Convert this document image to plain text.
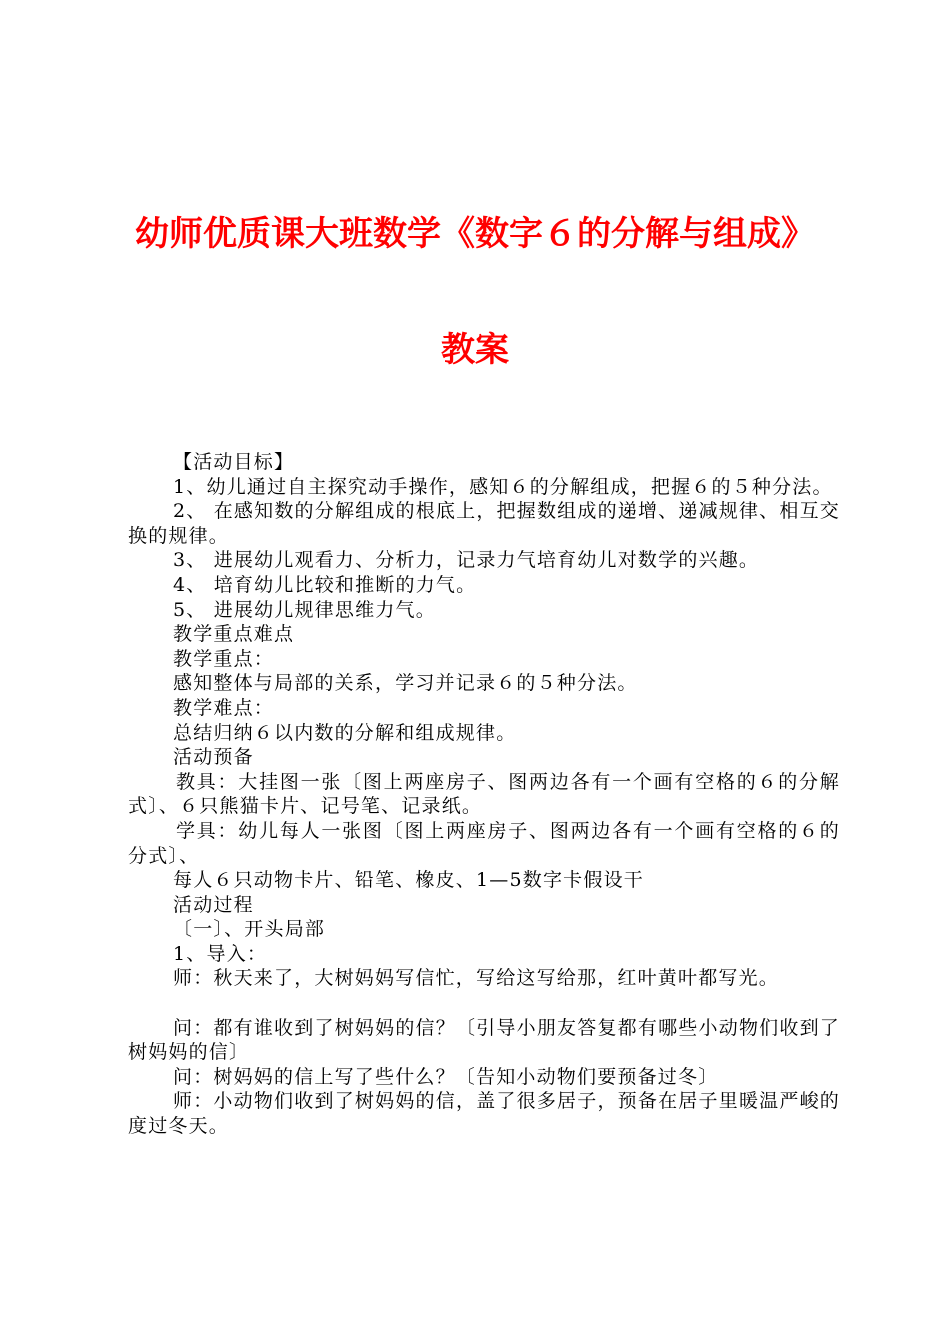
幼师优质课大班数学《数字６的分解与组成》
教案

【活动目标】

1、幼儿通过自主探究动手操作，感知６的分解组成，把握６的５种分法。

2、 在感知数的分解组成的根底上，把握数组成的递增、递减规律、相互交换的规律。

3、 进展幼儿观看力、分析力，记录力气培育幼儿对数学的兴趣。

4、 培育幼儿比较和推断的力气。

5、 进展幼儿规律思维力气。

教学重点难点

教学重点：

感知整体与局部的关系，学习并记录６的５种分法。

教学难点：

总结归纳６以内数的分解和组成规律。

活动预备

教具：大挂图一张〔图上两座房子、图两边各有一个画有空格的６的分解式〕、６只熊猫卡片、记号笔、记录纸。

学具：幼儿每人一张图〔图上两座房子、图两边各有一个画有空格的６的分式〕、

每人６只动物卡片、铅笔、橡皮、1—5数字卡假设干

活动过程

〔一〕、开头局部

1、导入：

师：秋天来了，大树妈妈写信忙，写给这写给那，红叶黄叶都写光。

问：都有谁收到了树妈妈的信？〔引导小朋友答复都有哪些小动物们收到了树妈妈的信〕

问：树妈妈的信上写了些什么？〔告知小动物们要预备过冬〕

师：小动物们收到了树妈妈的信，盖了很多居子，预备在居子里暖温严峻的度过冬天。
